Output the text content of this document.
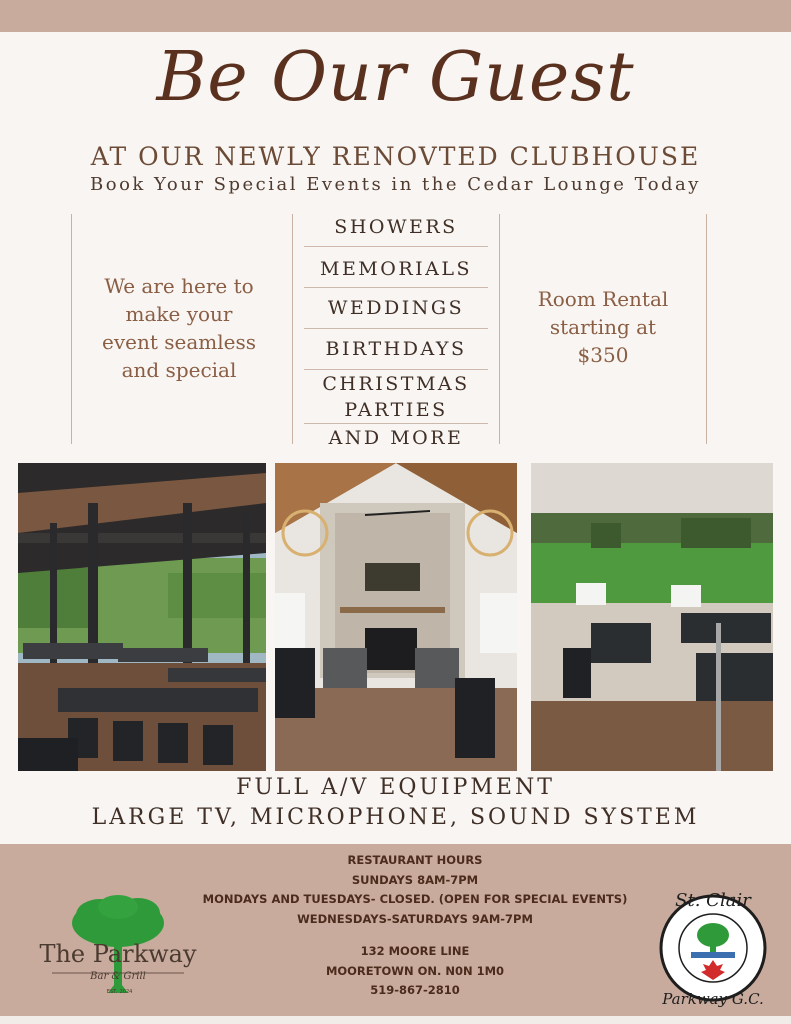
Be Our Guest
AT OUR NEWLY RENOVTED CLUBHOUSE
Book Your Special Events in the Cedar Lounge Today
We are here to
make your
event seamless
and special
SHOWERS
MEMORIALS
WEDDINGS
BIRTHDAYS
CHRISTMAS
PARTIES
AND MORE
Room Rental
starting at
$350
FULL A/V EQUIPMENT
LARGE TV, MICROPHONE, SOUND SYSTEM
RESTAURANT HOURS
SUNDAYS 8AM-7PM
MONDAYS AND TUESDAYS- CLOSED. (OPEN FOR SPECIAL EVENTS)
WEDNESDAYS-SATURDAYS 9AM-7PM
132 MOORE LINE
MOORETOWN ON. N0N 1M0
519-867-2810
The Parkway
Bar & Grill
EST. 2024
St. Clair
Parkway G.C.
